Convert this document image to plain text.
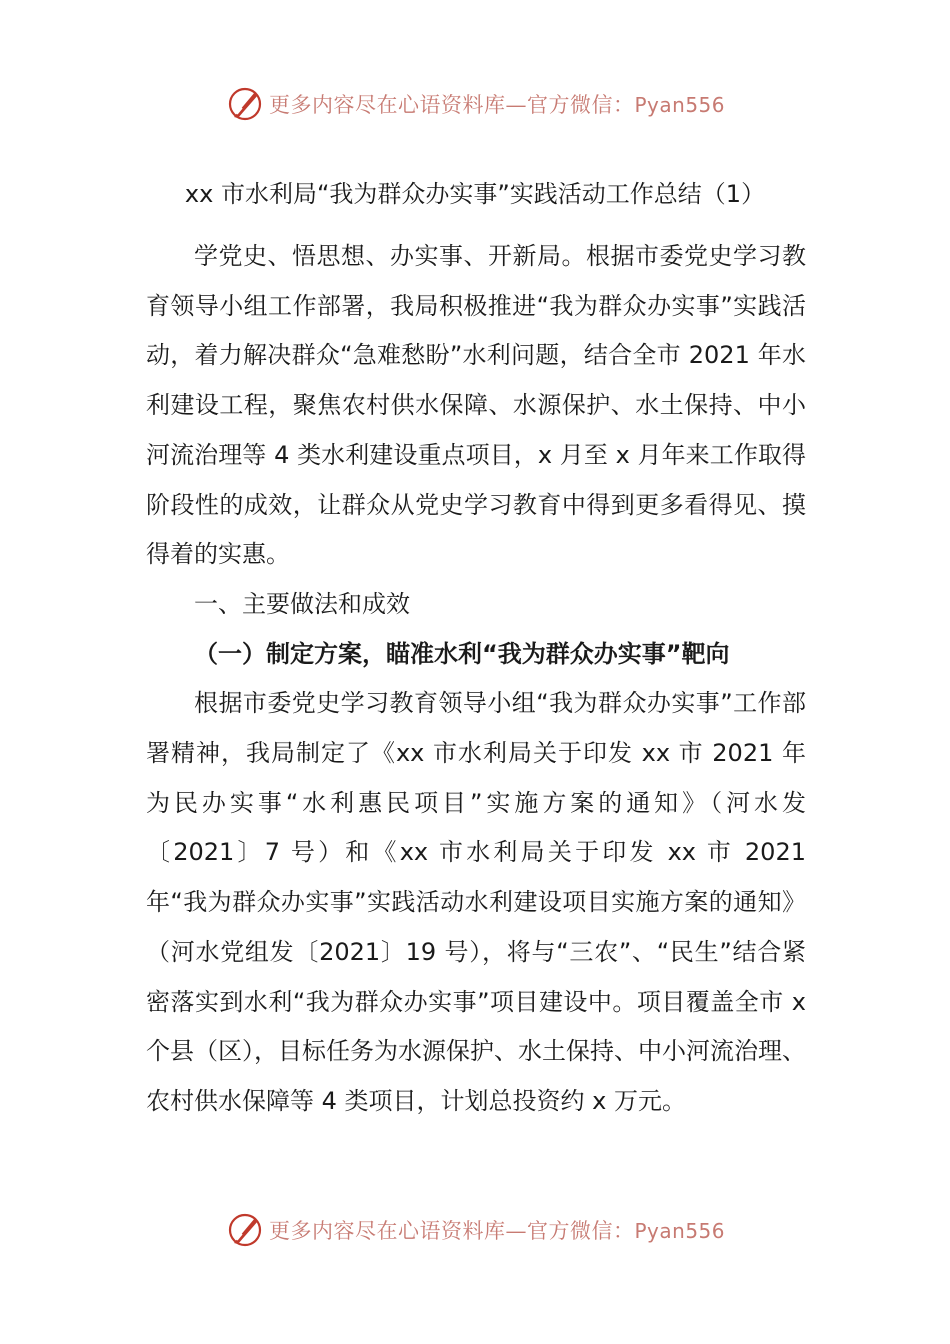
更多内容尽在心语资料库—官方微信：Pyan556
xx 市水利局“我为群众办实事”实践活动工作总结（1）

学党史、悟思想、办实事、开新局。根据市委党史学习教育领导小组工作部署，我局积极推进“我为群众办实事”实践活动，着力解决群众“急难愁盼”水利问题，结合全市 2021 年水利建设工程，聚焦农村供水保障、水源保护、水土保持、中小河流治理等 4 类水利建设重点项目，x 月至 x 月年来工作取得阶段性的成效，让群众从党史学习教育中得到更多看得见、摸得着的实惠。

一、主要做法和成效

（一）制定方案，瞄准水利“我为群众办实事”靶向

根据市委党史学习教育领导小组“我为群众办实事”工作部署精神，我局制定了《xx 市水利局关于印发 xx 市 2021 年为民办实事“水利惠民项目”实施方案的通知》（河水发〔2021〕7 号）和《xx 市水利局关于印发 xx 市 2021 年“我为群众办实事”实践活动水利建设项目实施方案的通知》（河水党组发〔2021〕19 号），将与“三农”、“民生”结合紧密落实到水利“我为群众办实事”项目建设中。项目覆盖全市 x 个县（区），目标任务为水源保护、水土保持、中小河流治理、农村供水保障等 4 类项目，计划总投资约 x 万元。

更多内容尽在心语资料库—官方微信：Pyan556
